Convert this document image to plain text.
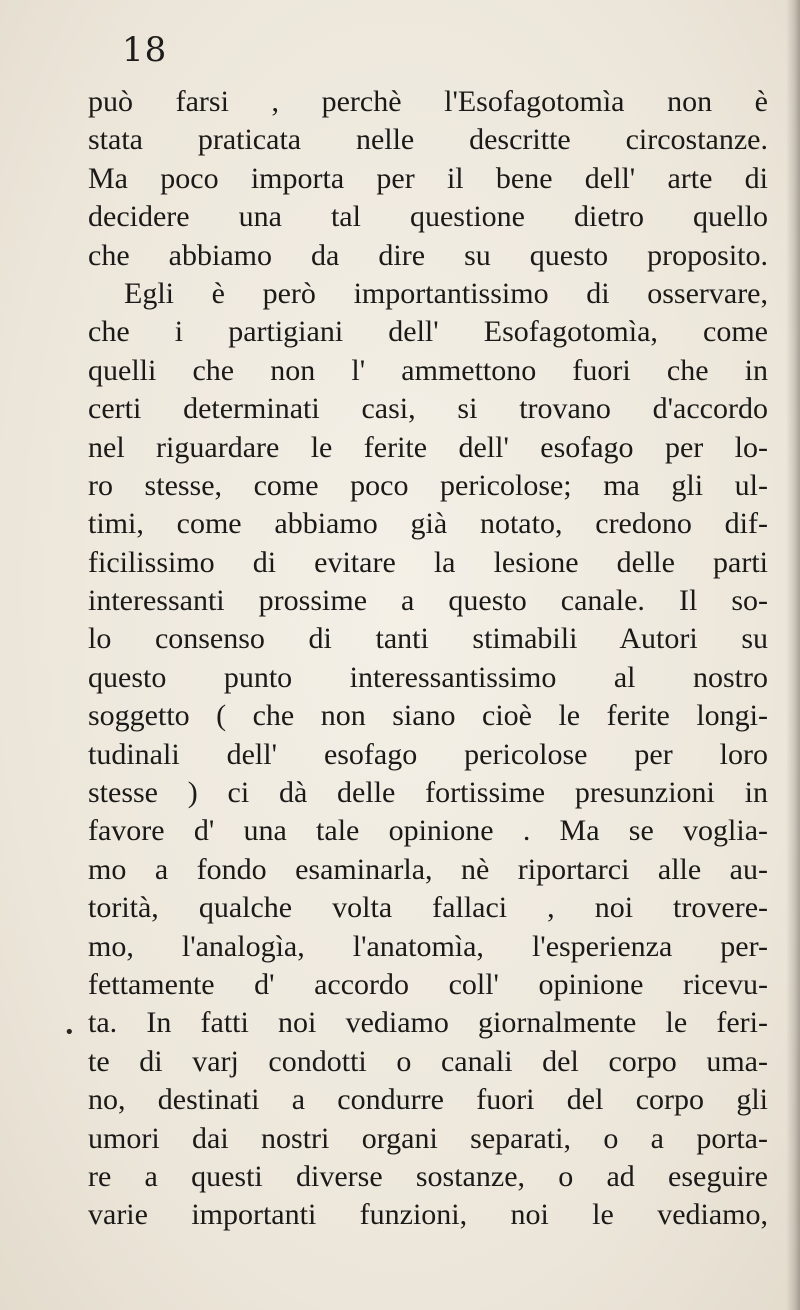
18
può farsi , perchè l'Esofagotomìa non è
stata praticata nelle descritte circostanze.
Ma poco importa per il bene dell' arte di
decidere una tal questione dietro quello
che abbiamo da dire su questo proposito.
Egli è però importantissimo di osservare,
che i partigiani dell' Esofagotomìa, come
quelli che non l' ammettono fuori che in
certi determinati casi, si trovano d'accordo
nel riguardare le ferite dell' esofago per lo-
ro stesse, come poco pericolose; ma gli ul-
timi, come abbiamo già notato, credono dif-
ficilissimo di evitare la lesione delle parti
interessanti prossime a questo canale. Il so-
lo consenso di tanti stimabili Autori su
questo punto interessantissimo al nostro
soggetto ( che non siano cioè le ferite longi-
tudinali dell' esofago pericolose per loro
stesse ) ci dà delle fortissime presunzioni in
favore d' una tale opinione . Ma se voglia-
mo a fondo esaminarla, nè riportarci alle au-
torità, qualche volta fallaci , noi trovere-
mo, l'analogìa, l'anatomìa, l'esperienza per-
fettamente d' accordo coll' opinione ricevu-
ta. In fatti noi vediamo giornalmente le feri-
te di varj condotti o canali del corpo uma-
no, destinati a condurre fuori del corpo gli
umori dai nostri organi separati, o a porta-
re a questi diverse sostanze, o ad eseguire
varie importanti funzioni, noi le vediamo,
•
